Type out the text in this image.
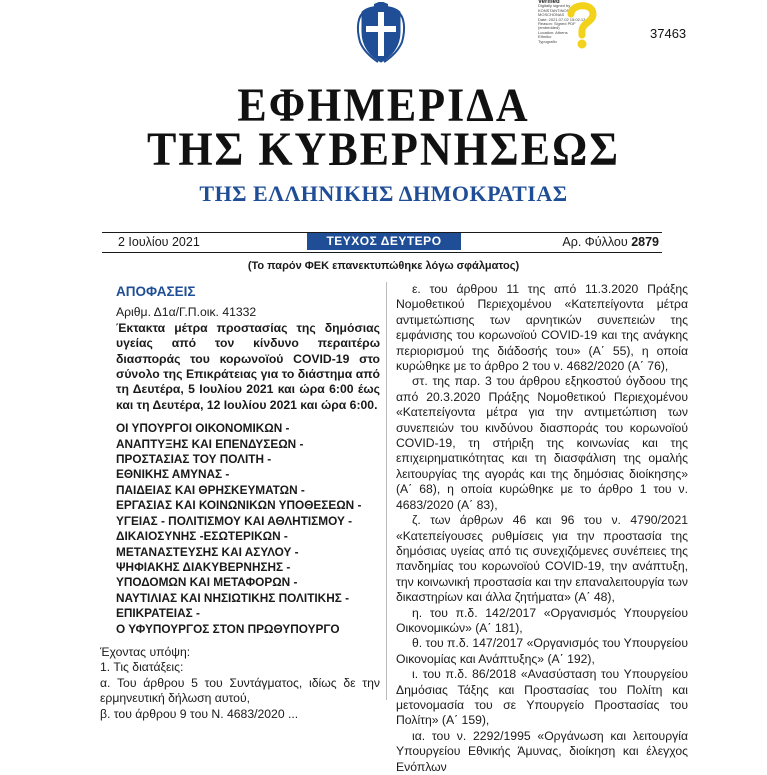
Verified
Digitally signed by
KONSTANTINOS
MOSCHONAS
Date: 2021.07.02 15:02:13
Reason: Signed PDF
(embedded)
Location: Athens
Ethniko
Typografio
37463
ΕΦΗΜΕΡΙΔΑ
ΤΗΣ ΚΥΒΕΡΝΗΣΕΩΣ
ΤΗΣ ΕΛΛΗΝΙΚΗΣ ΔΗΜΟΚΡΑΤΙΑΣ
2 Ιουλίου 2021	ΤΕΥΧΟΣ ΔΕΥΤΕΡΟ	Αρ. Φύλλου 2879
(Το παρόν ΦΕΚ επανεκτυπώθηκε λόγω σφάλματος)
ΑΠΟΦΑΣΕΙΣ
Αριθμ. Δ1α/Γ.Π.οικ. 41332
Έκτακτα μέτρα προστασίας της δημόσιας υγείας από τον κίνδυνο περαιτέρω διασποράς του κορωνοϊού COVID-19 στο σύνολο της Επικράτειας για το διάστημα από τη Δευτέρα, 5 Ιουλίου 2021 και ώρα 6:00 έως και τη Δευτέρα, 12 Ιουλίου 2021 και ώρα 6:00.
ΟΙ ΥΠΟΥΡΓΟΙ ΟΙΚΟΝΟΜΙΚΩΝ -
ΑΝΑΠΤΥΞΗΣ ΚΑΙ ΕΠΕΝΔΥΣΕΩΝ -
ΠΡΟΣΤΑΣΙΑΣ ΤΟΥ ΠΟΛΙΤΗ -
ΕΘΝΙΚΗΣ ΑΜΥΝΑΣ -
ΠΑΙΔΕΙΑΣ ΚΑΙ ΘΡΗΣΚΕΥΜΑΤΩΝ -
ΕΡΓΑΣΙΑΣ ΚΑΙ ΚΟΙΝΩΝΙΚΩΝ ΥΠΟΘΕΣΕΩΝ -
ΥΓΕΙΑΣ - ΠΟΛΙΤΙΣΜΟΥ ΚΑΙ ΑΘΛΗΤΙΣΜΟΥ -
ΔΙΚΑΙΟΣΥΝΗΣ -ΕΣΩΤΕΡΙΚΩΝ -
ΜΕΤΑΝΑΣΤΕΥΣΗΣ ΚΑΙ ΑΣΥΛΟΥ -
ΨΗΦΙΑΚΗΣ ΔΙΑΚΥΒΕΡΝΗΣΗΣ -
ΥΠΟΔΟΜΩΝ ΚΑΙ ΜΕΤΑΦΟΡΩΝ -
ΝΑΥΤΙΛΙΑΣ ΚΑΙ ΝΗΣΙΩΤΙΚΗΣ ΠΟΛΙΤΙΚΗΣ -
ΕΠΙΚΡΑΤΕΙΑΣ -
Ο ΥΦΥΠΟΥΡΓΟΣ ΣΤΟΝ ΠΡΩΘΥΠΟΥΡΓΟ

Έχοντας υπόψη:

1. Τις διατάξεις:

α. Του άρθρου 5 του Συντάγματος, ιδίως δε την ερμηνευτική δήλωση αυτού,

β. του άρθρου 9 του Ν. 4683/2020 ...

ε. του άρθρου 11 της από 11.3.2020 Πράξης Νομοθετικού Περιεχομένου «Κατεπείγοντα μέτρα αντιμετώπισης των αρνητικών συνεπειών της εμφάνισης του κορωνοϊού COVID-19 και της ανάγκης περιορισμού της διάδοσής του» (Α΄ 55), η οποία κυρώθηκε με το άρθρο 2 του ν. 4682/2020 (Α΄ 76),

στ. της παρ. 3 του άρθρου εξηκοστού όγδοου της από 20.3.2020 Πράξης Νομοθετικού Περιεχομένου «Κατεπείγοντα μέτρα για την αντιμετώπιση των συνεπειών του κινδύνου διασποράς του κορωνοϊού COVID-19, τη στήριξη της κοινωνίας και της επιχειρηματικότητας και τη διασφάλιση της ομαλής λειτουργίας της αγοράς και της δημόσιας διοίκησης» (Α΄ 68), η οποία κυρώθηκε με το άρθρο 1 του ν. 4683/2020 (Α΄ 83),

ζ. των άρθρων 46 και 96 του ν. 4790/2021 «Κατεπείγουσες ρυθμίσεις για την προστασία της δημόσιας υγείας από τις συνεχιζόμενες συνέπειες της πανδημίας του κορωνοϊού COVID-19, την ανάπτυξη, την κοινωνική προστασία και την επαναλειτουργία των δικαστηρίων και άλλα ζητήματα» (Α΄ 48),

η. του π.δ. 142/2017 «Οργανισμός Υπουργείου Οικονομικών» (Α΄ 181),

θ. του π.δ. 147/2017 «Οργανισμός του Υπουργείου Οικονομίας και Ανάπτυξης» (Α΄ 192),

ι. του π.δ. 86/2018 «Ανασύσταση του Υπουργείου Δημόσιας Τάξης και Προστασίας του Πολίτη και μετονομασία του σε Υπουργείο Προστασίας του Πολίτη» (Α΄ 159),

ια. του ν. 2292/1995 «Οργάνωση και λειτουργία Υπουργείου Εθνικής Άμυνας, διοίκηση και έλεγχος Ενόπλων
